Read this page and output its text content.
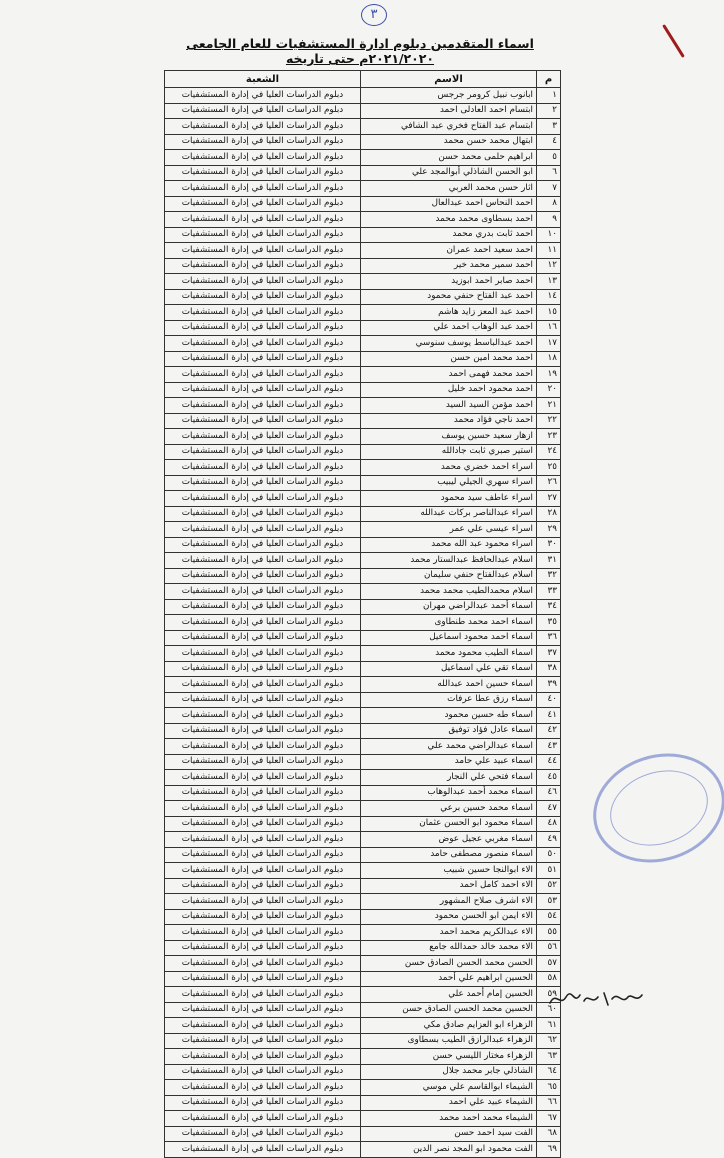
٣
اسماء المتقدمين دبلوم ادارة المستشفيات للعام الجامعى ٢٠٢١/٢٠٢٠م حتى تاريخه
م	الاسم	الشعبة
١	ابانوب نبيل كرومر جرجس	دبلوم الدراسات العليا في إدارة المستشفيات
٢	ابتسام احمد العادلى احمد	دبلوم الدراسات العليا في إدارة المستشفيات
٣	ابتسام عبد الفتاح فخري عبد الشافي	دبلوم الدراسات العليا في إدارة المستشفيات
٤	ابتهال محمد حسن محمد	دبلوم الدراسات العليا في إدارة المستشفيات
٥	ابراهيم حلمى محمد حسن	دبلوم الدراسات العليا في إدارة المستشفيات
٦	ابو الحسن الشاذلي أبوالمجد علي	دبلوم الدراسات العليا في إدارة المستشفيات
٧	اثار حسن محمد العربي	دبلوم الدراسات العليا في إدارة المستشفيات
٨	احمد النحاس احمد عبدالعال	دبلوم الدراسات العليا في إدارة المستشفيات
٩	احمد بسطاوى محمد محمد	دبلوم الدراسات العليا في إدارة المستشفيات
١٠	احمد ثابت بدري محمد	دبلوم الدراسات العليا في إدارة المستشفيات
١١	احمد سعيد احمد عمران	دبلوم الدراسات العليا في إدارة المستشفيات
١٢	احمد سمير محمد خير	دبلوم الدراسات العليا في إدارة المستشفيات
١٣	احمد صابر احمد ابوزيد	دبلوم الدراسات العليا في إدارة المستشفيات
١٤	احمد عبد الفتاح حنفي محمود	دبلوم الدراسات العليا في إدارة المستشفيات
١٥	احمد عبد المعز زايد هاشم	دبلوم الدراسات العليا في إدارة المستشفيات
١٦	احمد عبد الوهاب احمد علي	دبلوم الدراسات العليا في إدارة المستشفيات
١٧	احمد عبدالباسط يوسف سنوسي	دبلوم الدراسات العليا في إدارة المستشفيات
١٨	احمد محمد امين حسن	دبلوم الدراسات العليا في إدارة المستشفيات
١٩	احمد محمد فهمى احمد	دبلوم الدراسات العليا في إدارة المستشفيات
٢٠	احمد محمود احمد خليل	دبلوم الدراسات العليا في إدارة المستشفيات
٢١	احمد مؤمن السيد السيد	دبلوم الدراسات العليا في إدارة المستشفيات
٢٢	احمد ناجي فؤاد محمد	دبلوم الدراسات العليا في إدارة المستشفيات
٢٣	ازهار سعيد حسين يوسف	دبلوم الدراسات العليا في إدارة المستشفيات
٢٤	استير صبري ثابت جادالله	دبلوم الدراسات العليا في إدارة المستشفيات
٢٥	اسراء احمد خضري محمد	دبلوم الدراسات العليا في إدارة المستشفيات
٢٦	اسراء سهري الجيلي ليبيب	دبلوم الدراسات العليا في إدارة المستشفيات
٢٧	اسراء عاطف سيد محمود	دبلوم الدراسات العليا في إدارة المستشفيات
٢٨	اسراء عبدالناصر بركات عبدالله	دبلوم الدراسات العليا في إدارة المستشفيات
٢٩	اسراء عيسى علي عمر	دبلوم الدراسات العليا في إدارة المستشفيات
٣٠	اسراء محمود عبد الله محمد	دبلوم الدراسات العليا في إدارة المستشفيات
٣١	اسلام عبدالحافظ عبدالستار محمد	دبلوم الدراسات العليا في إدارة المستشفيات
٣٢	اسلام عبدالفتاح حنفي سليمان	دبلوم الدراسات العليا في إدارة المستشفيات
٣٣	اسلام محمدالطيب محمد محمد	دبلوم الدراسات العليا في إدارة المستشفيات
٣٤	اسماء أحمد عبدالراضي مهران	دبلوم الدراسات العليا في إدارة المستشفيات
٣٥	اسماء احمد محمد طنطاوى	دبلوم الدراسات العليا في إدارة المستشفيات
٣٦	اسماء احمد محمود اسماعيل	دبلوم الدراسات العليا في إدارة المستشفيات
٣٧	اسماء الطيب محمود محمد	دبلوم الدراسات العليا في إدارة المستشفيات
٣٨	اسماء تقي علي اسماعيل	دبلوم الدراسات العليا في إدارة المستشفيات
٣٩	اسماء حسين احمد عبدالله	دبلوم الدراسات العليا في إدارة المستشفيات
٤٠	اسماء رزق عطا عرفات	دبلوم الدراسات العليا في إدارة المستشفيات
٤١	اسماء طه حسين محمود	دبلوم الدراسات العليا في إدارة المستشفيات
٤٢	اسماء عادل فؤاد توفيق	دبلوم الدراسات العليا في إدارة المستشفيات
٤٣	اسماء عبدالراضي محمد علي	دبلوم الدراسات العليا في إدارة المستشفيات
٤٤	اسماء عبيد علي حامد	دبلوم الدراسات العليا في إدارة المستشفيات
٤٥	اسماء فتحي علي النجار	دبلوم الدراسات العليا في إدارة المستشفيات
٤٦	اسماء محمد أحمد عبدالوهاب	دبلوم الدراسات العليا في إدارة المستشفيات
٤٧	اسماء محمد حسين برعي	دبلوم الدراسات العليا في إدارة المستشفيات
٤٨	اسماء محمود ابو الحسن عثمان	دبلوم الدراسات العليا في إدارة المستشفيات
٤٩	اسماء مغربي عجيل عوض	دبلوم الدراسات العليا في إدارة المستشفيات
٥٠	اسماء منصور مصطفى حامد	دبلوم الدراسات العليا في إدارة المستشفيات
٥١	الاء ابوالنجا حسين شبيب	دبلوم الدراسات العليا في إدارة المستشفيات
٥٢	الاء احمد كامل احمد	دبلوم الدراسات العليا في إدارة المستشفيات
٥٣	الاء اشرف صلاح المشهور	دبلوم الدراسات العليا في إدارة المستشفيات
٥٤	الاء ايمن ابو الحسن محمود	دبلوم الدراسات العليا في إدارة المستشفيات
٥٥	الاء عبدالكريم محمد احمد	دبلوم الدراسات العليا في إدارة المستشفيات
٥٦	الاء محمد خالد حمدالله جامع	دبلوم الدراسات العليا في إدارة المستشفيات
٥٧	الحسن محمد الحسن الصادق حسن	دبلوم الدراسات العليا في إدارة المستشفيات
٥٨	الحسين ابراهيم علي أحمد	دبلوم الدراسات العليا في إدارة المستشفيات
٥٩	الحسين إمام أحمد علي	دبلوم الدراسات العليا في إدارة المستشفيات
٦٠	الحسين محمد الحسن الصادق حسن	دبلوم الدراسات العليا في إدارة المستشفيات
٦١	الزهراء ابو العزايم صادق مكي	دبلوم الدراسات العليا في إدارة المستشفيات
٦٢	الزهراء عبدالرازق الطيب بسطاوى	دبلوم الدراسات العليا في إدارة المستشفيات
٦٣	الزهراء مختار الليسي حسن	دبلوم الدراسات العليا في إدارة المستشفيات
٦٤	الشاذلي جابر محمد جلال	دبلوم الدراسات العليا في إدارة المستشفيات
٦٥	الشيماء ابوالقاسم علي موسي	دبلوم الدراسات العليا في إدارة المستشفيات
٦٦	الشيماء عبيد علي احمد	دبلوم الدراسات العليا في إدارة المستشفيات
٦٧	الشيماء محمد احمد محمد	دبلوم الدراسات العليا في إدارة المستشفيات
٦٨	الفت سيد احمد حسن	دبلوم الدراسات العليا في إدارة المستشفيات
٦٩	الفت محمود ابو المجد نصر الدين	دبلوم الدراسات العليا في إدارة المستشفيات
